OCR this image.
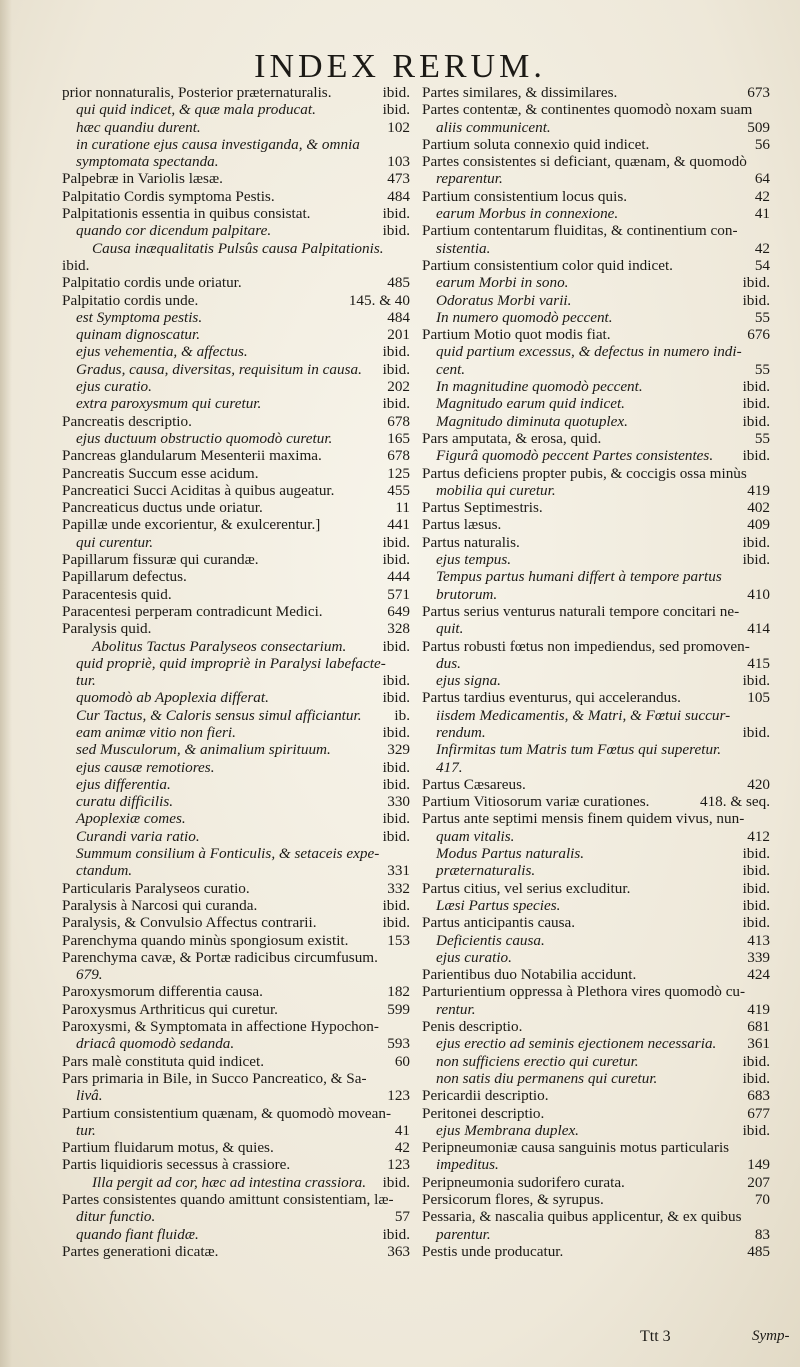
INDEX RERUM.
prior nonnaturalis, Posterior præternaturalis.	ibid.
qui quid indicet, & quæ mala producat.	ibid.
hæc quandiu durent.	102
in curatione ejus causa investiganda, & omnia
symptomata spectanda.	103
Palpebræ in Variolis læsæ.	473
Palpitatio Cordis symptoma Pestis.	484
Palpitationis essentia in quibus consistat.	ibid.
quando cor dicendum palpitare.	ibid.
Causa inæqualitatis Pulsûs causa Palpitationis.
ibid.
Palpitatio cordis unde oriatur.	485
Palpitatio cordis unde.	145. & 40
est Symptoma pestis.	484
quinam dignoscatur.	201
ejus vehementia, & affectus.	ibid.
Gradus, causa, diversitas, requisitum in causa.	ibid.
ejus curatio.	202
extra paroxysmum qui curetur.	ibid.
Pancreatis descriptio.	678
ejus ductuum obstructio quomodò curetur.	165
Pancreas glandularum Mesenterii maxima.	678
Pancreatis Succum esse acidum.	125
Pancreatici Succi Aciditas à quibus augeatur.	455
Pancreaticus ductus unde oriatur.	11
Papillæ unde excorientur, & exulcerentur.]	441
qui curentur.	ibid.
Papillarum fissuræ qui curandæ.	ibid.
Papillarum defectus.	444
Paracentesis quid.	571
Paracentesi perperam contradicunt Medici.	649
Paralysis quid.	328
Abolitus Tactus Paralyseos consectarium.	ibid.
quid propriè, quid impropriè in Paralysi labefacte-
tur.	ibid.
quomodò ab Apoplexia differat.	ibid.
Cur Tactus, & Caloris sensus simul afficiantur.	ib.
eam animæ vitio non fieri.	ibid.
sed Musculorum, & animalium spirituum.	329
ejus causæ remotiores.	ibid.
ejus differentia.	ibid.
curatu difficilis.	330
Apoplexiæ comes.	ibid.
Curandi varia ratio.	ibid.
Summum consilium à Fonticulis, & setaceis expe-
ctandum.	331
Particularis Paralyseos curatio.	332
Paralysis à Narcosi qui curanda.	ibid.
Paralysis, & Convulsio Affectus contrarii.	ibid.
Parenchyma quando minùs spongiosum existit.	153
Parenchyma cavæ, & Portæ radicibus circumfusum.
679.
Paroxysmorum differentia causa.	182
Paroxysmus Arthriticus qui curetur.	599
Paroxysmi, & Symptomata in affectione Hypochon-
driacâ quomodò sedanda.	593
Pars malè constituta quid indicet.	60
Pars primaria in Bile, in Succo Pancreatico, & Sa-
livâ.	123
Partium consistentium quænam, & quomodò movean-
tur.	41
Partium fluidarum motus, & quies.	42
Partis liquidioris secessus à crassiore.	123
Illa pergit ad cor, hæc ad intestina crassiora.	ibid.
Partes consistentes quando amittunt consistentiam, læ-
ditur functio.	57
quando fiant fluidæ.	ibid.
Partes generationi dicatæ.	363
Partes similares, & dissimilares.	673
Partes contentæ, & continentes quomodò noxam suam
aliis communicent.	509
Partium soluta connexio quid indicet.	56
Partes consistentes si deficiant, quænam, & quomodò
reparentur.	64
Partium consistentium locus quis.	42
earum Morbus in connexione.	41
Partium contentarum fluiditas, & continentium con-
sistentia.	42
Partium consistentium color quid indicet.	54
earum Morbi in sono.	ibid.
Odoratus Morbi varii.	ibid.
In numero quomodò peccent.	55
Partium Motio quot modis fiat.	676
quid partium excessus, & defectus in numero indi-
cent.	55
In magnitudine quomodò peccent.	ibid.
Magnitudo earum quid indicet.	ibid.
Magnitudo diminuta quotuplex.	ibid.
Pars amputata, & erosa, quid.	55
Figurâ quomodò peccent Partes consistentes.	ibid.
Partus deficiens propter pubis, & coccigis ossa minùs
mobilia qui curetur.	419
Partus Septimestris.	402
Partus læsus.	409
Partus naturalis.	ibid.
ejus tempus.	ibid.
Tempus partus humani differt à tempore partus
brutorum.	410
Partus serius venturus naturali tempore concitari ne-
quit.	414
Partus robusti fœtus non impediendus, sed promoven-
dus.	415
ejus signa.	ibid.
Partus tardius eventurus, qui accelerandus.	105
iisdem Medicamentis, & Matri, & Fœtui succur-
rendum.	ibid.
Infirmitas tum Matris tum Fœtus qui superetur.
417.
Partus Cæsareus.	420
Partium Vitiosorum variæ curationes.	418. & seq.
Partus ante septimi mensis finem quidem vivus, nun-
quam vitalis.	412
Modus Partus naturalis.	ibid.
præternaturalis.	ibid.
Partus citius, vel serius excluditur.	ibid.
Læsi Partus species.	ibid.
Partus anticipantis causa.	ibid.
Deficientis causa.	413
ejus curatio.	339
Parientibus duo Notabilia accidunt.	424
Parturientium oppressa à Plethora vires quomodò cu-
rentur.	419
Penis descriptio.	681
ejus erectio ad seminis ejectionem necessaria.	361
non sufficiens erectio qui curetur.	ibid.
non satis diu permanens qui curetur.	ibid.
Pericardii descriptio.	683
Peritonei descriptio.	677
ejus Membrana duplex.	ibid.
Peripneumoniæ causa sanguinis motus particularis
impeditus.	149
Peripneumonia sudorifero curata.	207
Persicorum flores, & syrupus.	70
Pessaria, & nascalia quibus applicentur, & ex quibus
parentur.	83
Pestis unde producatur.	485
Ttt 3	Symp-
